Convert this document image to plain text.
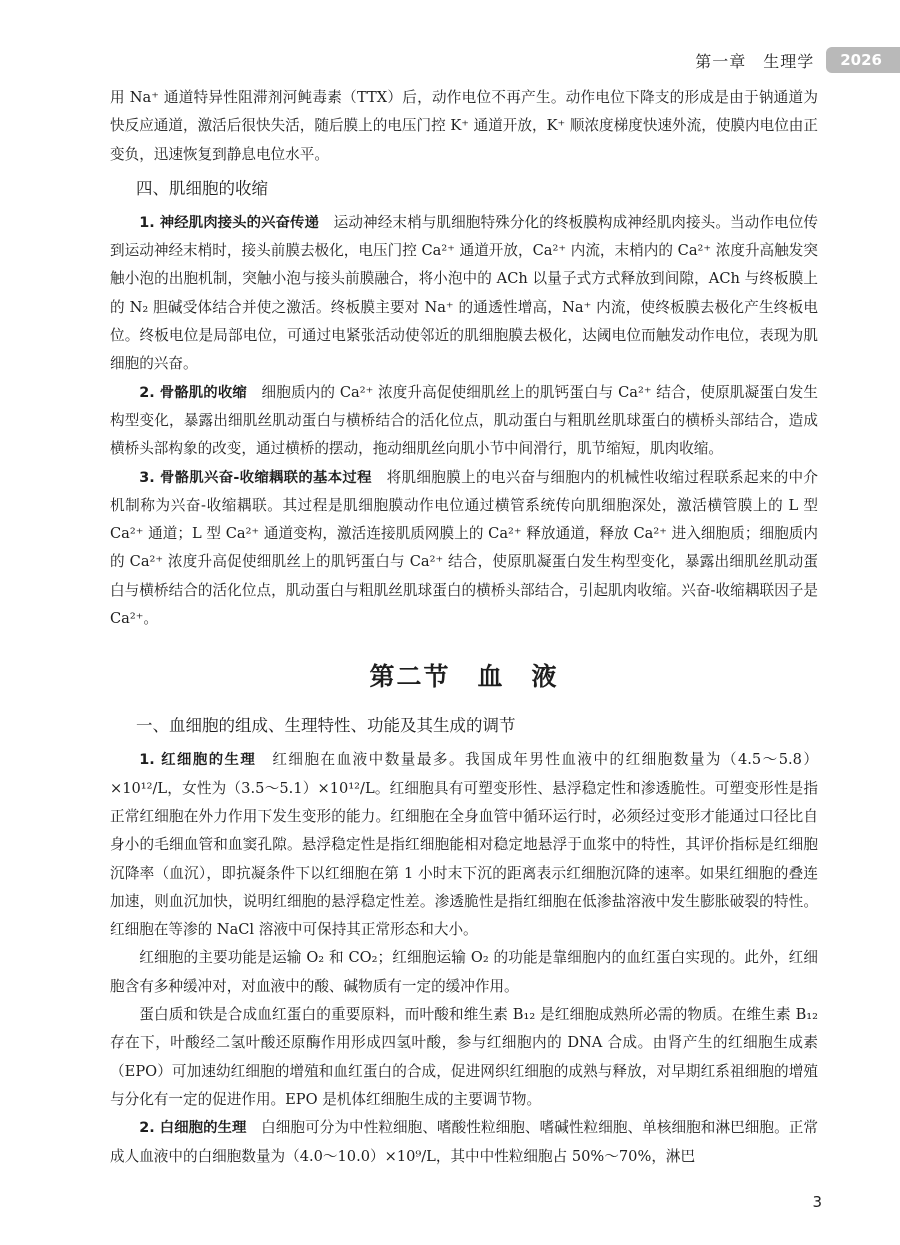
第一章　生理学	2026

用 Na⁺ 通道特异性阻滞剂河鲀毒素（TTX）后，动作电位不再产生。动作电位下降支的形成是由于钠通道为快反应通道，激活后很快失活，随后膜上的电压门控 K⁺ 通道开放，K⁺ 顺浓度梯度快速外流，使膜内电位由正变负，迅速恢复到静息电位水平。

四、肌细胞的收缩

1. 神经肌肉接头的兴奋传递　运动神经末梢与肌细胞特殊分化的终板膜构成神经肌肉接头。当动作电位传到运动神经末梢时，接头前膜去极化，电压门控 Ca²⁺ 通道开放，Ca²⁺ 内流，末梢内的 Ca²⁺ 浓度升高触发突触小泡的出胞机制，突触小泡与接头前膜融合，将小泡中的 ACh 以量子式方式释放到间隙，ACh 与终板膜上的 N₂ 胆碱受体结合并使之激活。终板膜主要对 Na⁺ 的通透性增高，Na⁺ 内流，使终板膜去极化产生终板电位。终板电位是局部电位，可通过电紧张活动使邻近的肌细胞膜去极化，达阈电位而触发动作电位，表现为肌细胞的兴奋。

2. 骨骼肌的收缩　细胞质内的 Ca²⁺ 浓度升高促使细肌丝上的肌钙蛋白与 Ca²⁺ 结合，使原肌凝蛋白发生构型变化，暴露出细肌丝肌动蛋白与横桥结合的活化位点，肌动蛋白与粗肌丝肌球蛋白的横桥头部结合，造成横桥头部构象的改变，通过横桥的摆动，拖动细肌丝向肌小节中间滑行，肌节缩短，肌肉收缩。

3. 骨骼肌兴奋-收缩耦联的基本过程　将肌细胞膜上的电兴奋与细胞内的机械性收缩过程联系起来的中介机制称为兴奋-收缩耦联。其过程是肌细胞膜动作电位通过横管系统传向肌细胞深处，激活横管膜上的 L 型 Ca²⁺ 通道；L 型 Ca²⁺ 通道变构，激活连接肌质网膜上的 Ca²⁺ 释放通道，释放 Ca²⁺ 进入细胞质；细胞质内的 Ca²⁺ 浓度升高促使细肌丝上的肌钙蛋白与 Ca²⁺ 结合，使原肌凝蛋白发生构型变化，暴露出细肌丝肌动蛋白与横桥结合的活化位点，肌动蛋白与粗肌丝肌球蛋白的横桥头部结合，引起肌肉收缩。兴奋-收缩耦联因子是 Ca²⁺。

第二节　血　液
一、血细胞的组成、生理特性、功能及其生成的调节

1. 红细胞的生理　红细胞在血液中数量最多。我国成年男性血液中的红细胞数量为（4.5～5.8）×10¹²/L，女性为（3.5～5.1）×10¹²/L。红细胞具有可塑变形性、悬浮稳定性和渗透脆性。可塑变形性是指正常红细胞在外力作用下发生变形的能力。红细胞在全身血管中循环运行时，必须经过变形才能通过口径比自身小的毛细血管和血窦孔隙。悬浮稳定性是指红细胞能相对稳定地悬浮于血浆中的特性，其评价指标是红细胞沉降率（血沉），即抗凝条件下以红细胞在第 1 小时末下沉的距离表示红细胞沉降的速率。如果红细胞的叠连加速，则血沉加快，说明红细胞的悬浮稳定性差。渗透脆性是指红细胞在低渗盐溶液中发生膨胀破裂的特性。红细胞在等渗的 NaCl 溶液中可保持其正常形态和大小。

红细胞的主要功能是运输 O₂ 和 CO₂；红细胞运输 O₂ 的功能是靠细胞内的血红蛋白实现的。此外，红细胞含有多种缓冲对，对血液中的酸、碱物质有一定的缓冲作用。

蛋白质和铁是合成血红蛋白的重要原料，而叶酸和维生素 B₁₂ 是红细胞成熟所必需的物质。在维生素 B₁₂ 存在下，叶酸经二氢叶酸还原酶作用形成四氢叶酸，参与红细胞内的 DNA 合成。由肾产生的红细胞生成素（EPO）可加速幼红细胞的增殖和血红蛋白的合成，促进网织红细胞的成熟与释放，对早期红系祖细胞的增殖与分化有一定的促进作用。EPO 是机体红细胞生成的主要调节物。

2. 白细胞的生理　白细胞可分为中性粒细胞、嗜酸性粒细胞、嗜碱性粒细胞、单核细胞和淋巴细胞。正常成人血液中的白细胞数量为（4.0～10.0）×10⁹/L，其中中性粒细胞占 50%～70%，淋巴

3
